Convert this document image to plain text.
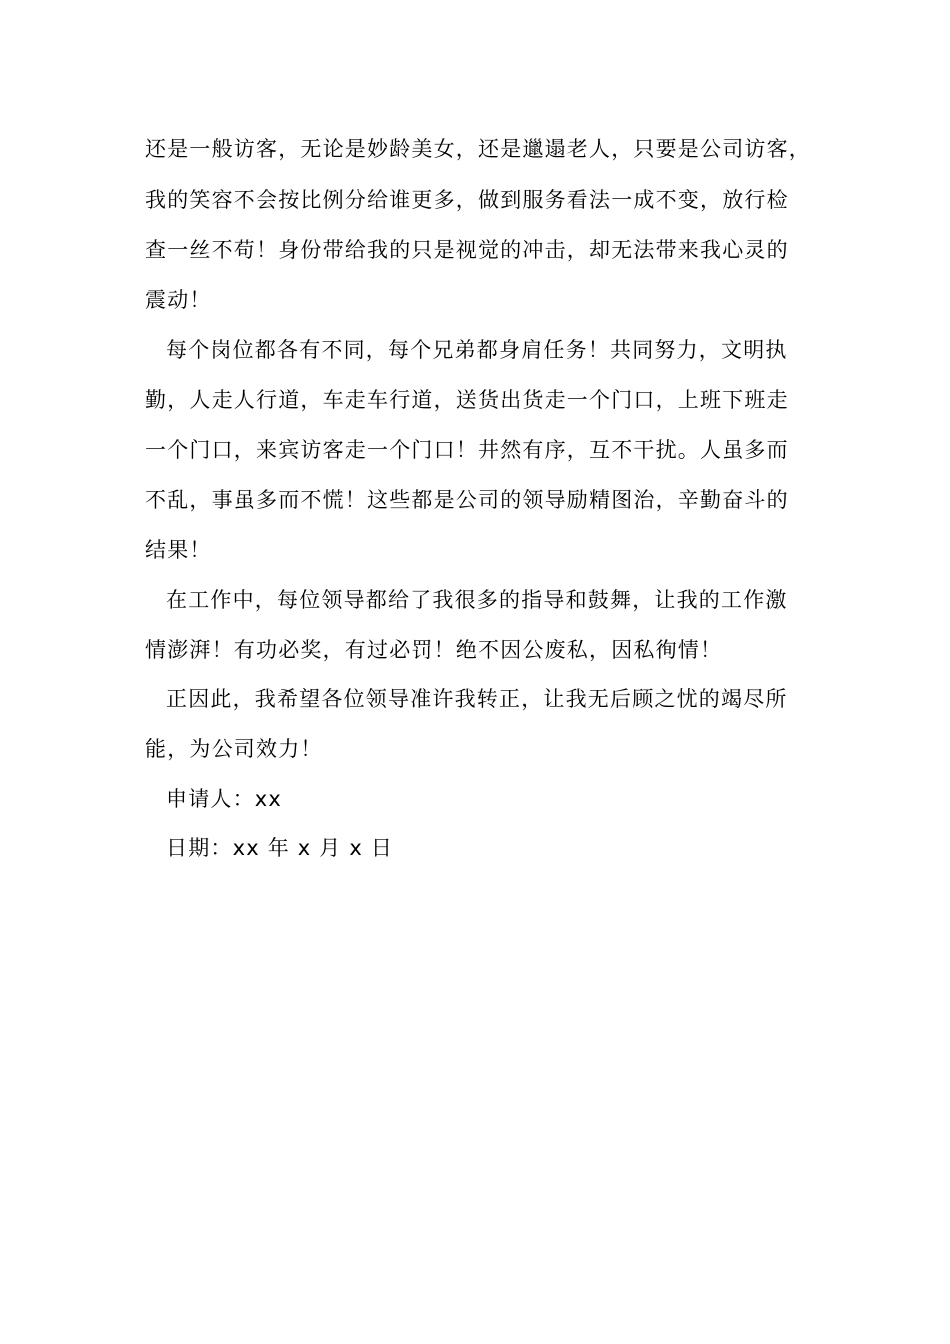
还是一般访客，无论是妙龄美女，还是邋遢老人，只要是公司访客，
我的笑容不会按比例分给谁更多，做到服务看法一成不变，放行检
查一丝不苟！身份带给我的只是视觉的冲击，却无法带来我心灵的
震动！
每个岗位都各有不同，每个兄弟都身肩任务！共同努力，文明执
勤，人走人行道，车走车行道，送货出货走一个门口，上班下班走
一个门口，来宾访客走一个门口！井然有序，互不干扰。人虽多而
不乱，事虽多而不慌！这些都是公司的领导励精图治，辛勤奋斗的
结果！
在工作中，每位领导都给了我很多的指导和鼓舞，让我的工作激
情澎湃！有功必奖，有过必罚！绝不因公废私，因私徇情！
正因此，我希望各位领导准许我转正，让我无后顾之忧的竭尽所
能，为公司效力！
申请人：xx
日期：xx 年 x 月 x 日
